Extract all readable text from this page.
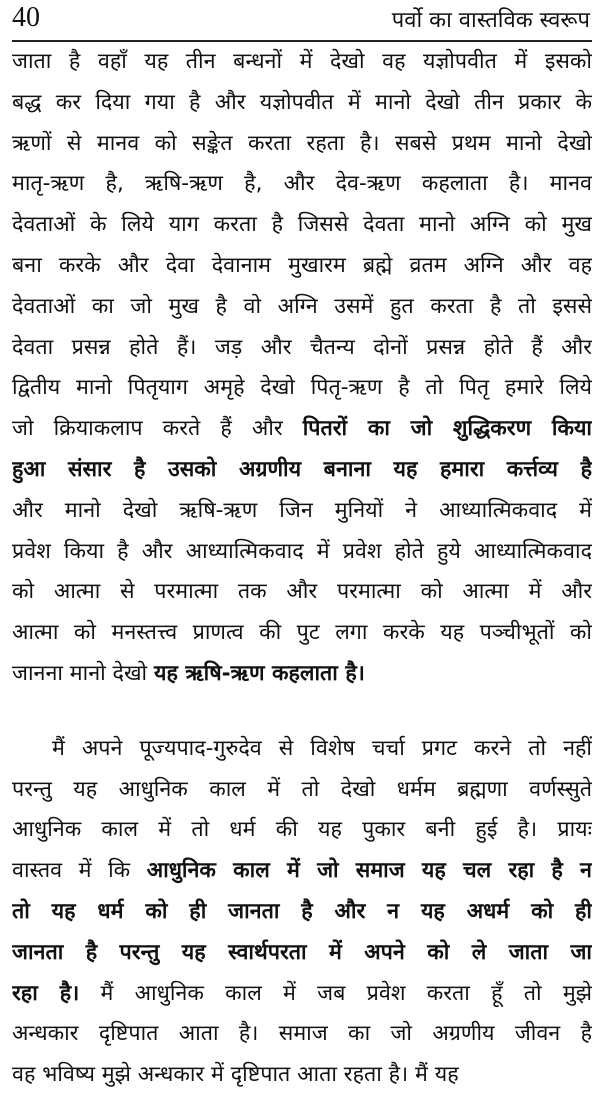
40	पर्वो का वास्तविक स्वरूप
जाता है वहाँ यह तीन बन्धनों में देखो वह यज्ञोपवीत में इसको
बद्ध कर दिया गया है और यज्ञोपवीत में मानो देखो तीन प्रकार के
ऋणों से मानव को सङ्केत करता रहता है। सबसे प्रथम मानो देखो
मातृ-ऋण है, ऋषि-ऋण है, और देव-ऋण कहलाता है। मानव
देवताओं के लिये याग करता है जिससे देवता मानो अग्नि को मुख
बना करके और देवा देवानाम मुखारम ब्रह्मे व्रतम अग्नि और वह
देवताओं का जो मुख है वो अग्नि उसमें हुत करता है तो इससे
देवता प्रसन्न होते हैं। जड़ और चैतन्य दोनों प्रसन्न होते हैं और
द्वितीय मानो पितृयाग अमृहे देखो पितृ-ऋण है तो पितृ हमारे लिये
जो क्रियाकलाप करते हैं और पितरों का जो शुद्धिकरण किया
हुआ संसार है उसको अग्रणीय बनाना यह हमारा कर्त्तव्य है
और मानो देखो ऋषि-ऋण जिन मुनियों ने आध्यात्मिकवाद में
प्रवेश किया है और आध्यात्मिकवाद में प्रवेश होते हुये आध्यात्मिकवाद
को आत्मा से परमात्मा तक और परमात्मा को आत्मा में और
आत्मा को मनस्तत्त्व प्राणत्व की पुट लगा करके यह पञ्चीभूतों को
जानना मानो देखो यह ऋषि-ऋण कहलाता है।
मैं अपने पूज्यपाद-गुरुदेव से विशेष चर्चा प्रगट करने तो नहीं
परन्तु यह आधुनिक काल में तो देखो धर्मम ब्रह्मणा वर्णस्सुते
आधुनिक काल में तो धर्म की यह पुकार बनी हुई है। प्रायः
वास्तव में कि आधुनिक काल में जो समाज यह चल रहा है न
तो यह धर्म को ही जानता है और न यह अधर्म को ही
जानता है परन्तु यह स्वार्थपरता में अपने को ले जाता जा
रहा है। मैं आधुनिक काल में जब प्रवेश करता हूँ तो मुझे
अन्धकार दृष्टिपात आता है। समाज का जो अग्रणीय जीवन है
वह भविष्य मुझे अन्धकार में दृष्टिपात आता रहता है। मैं यह
